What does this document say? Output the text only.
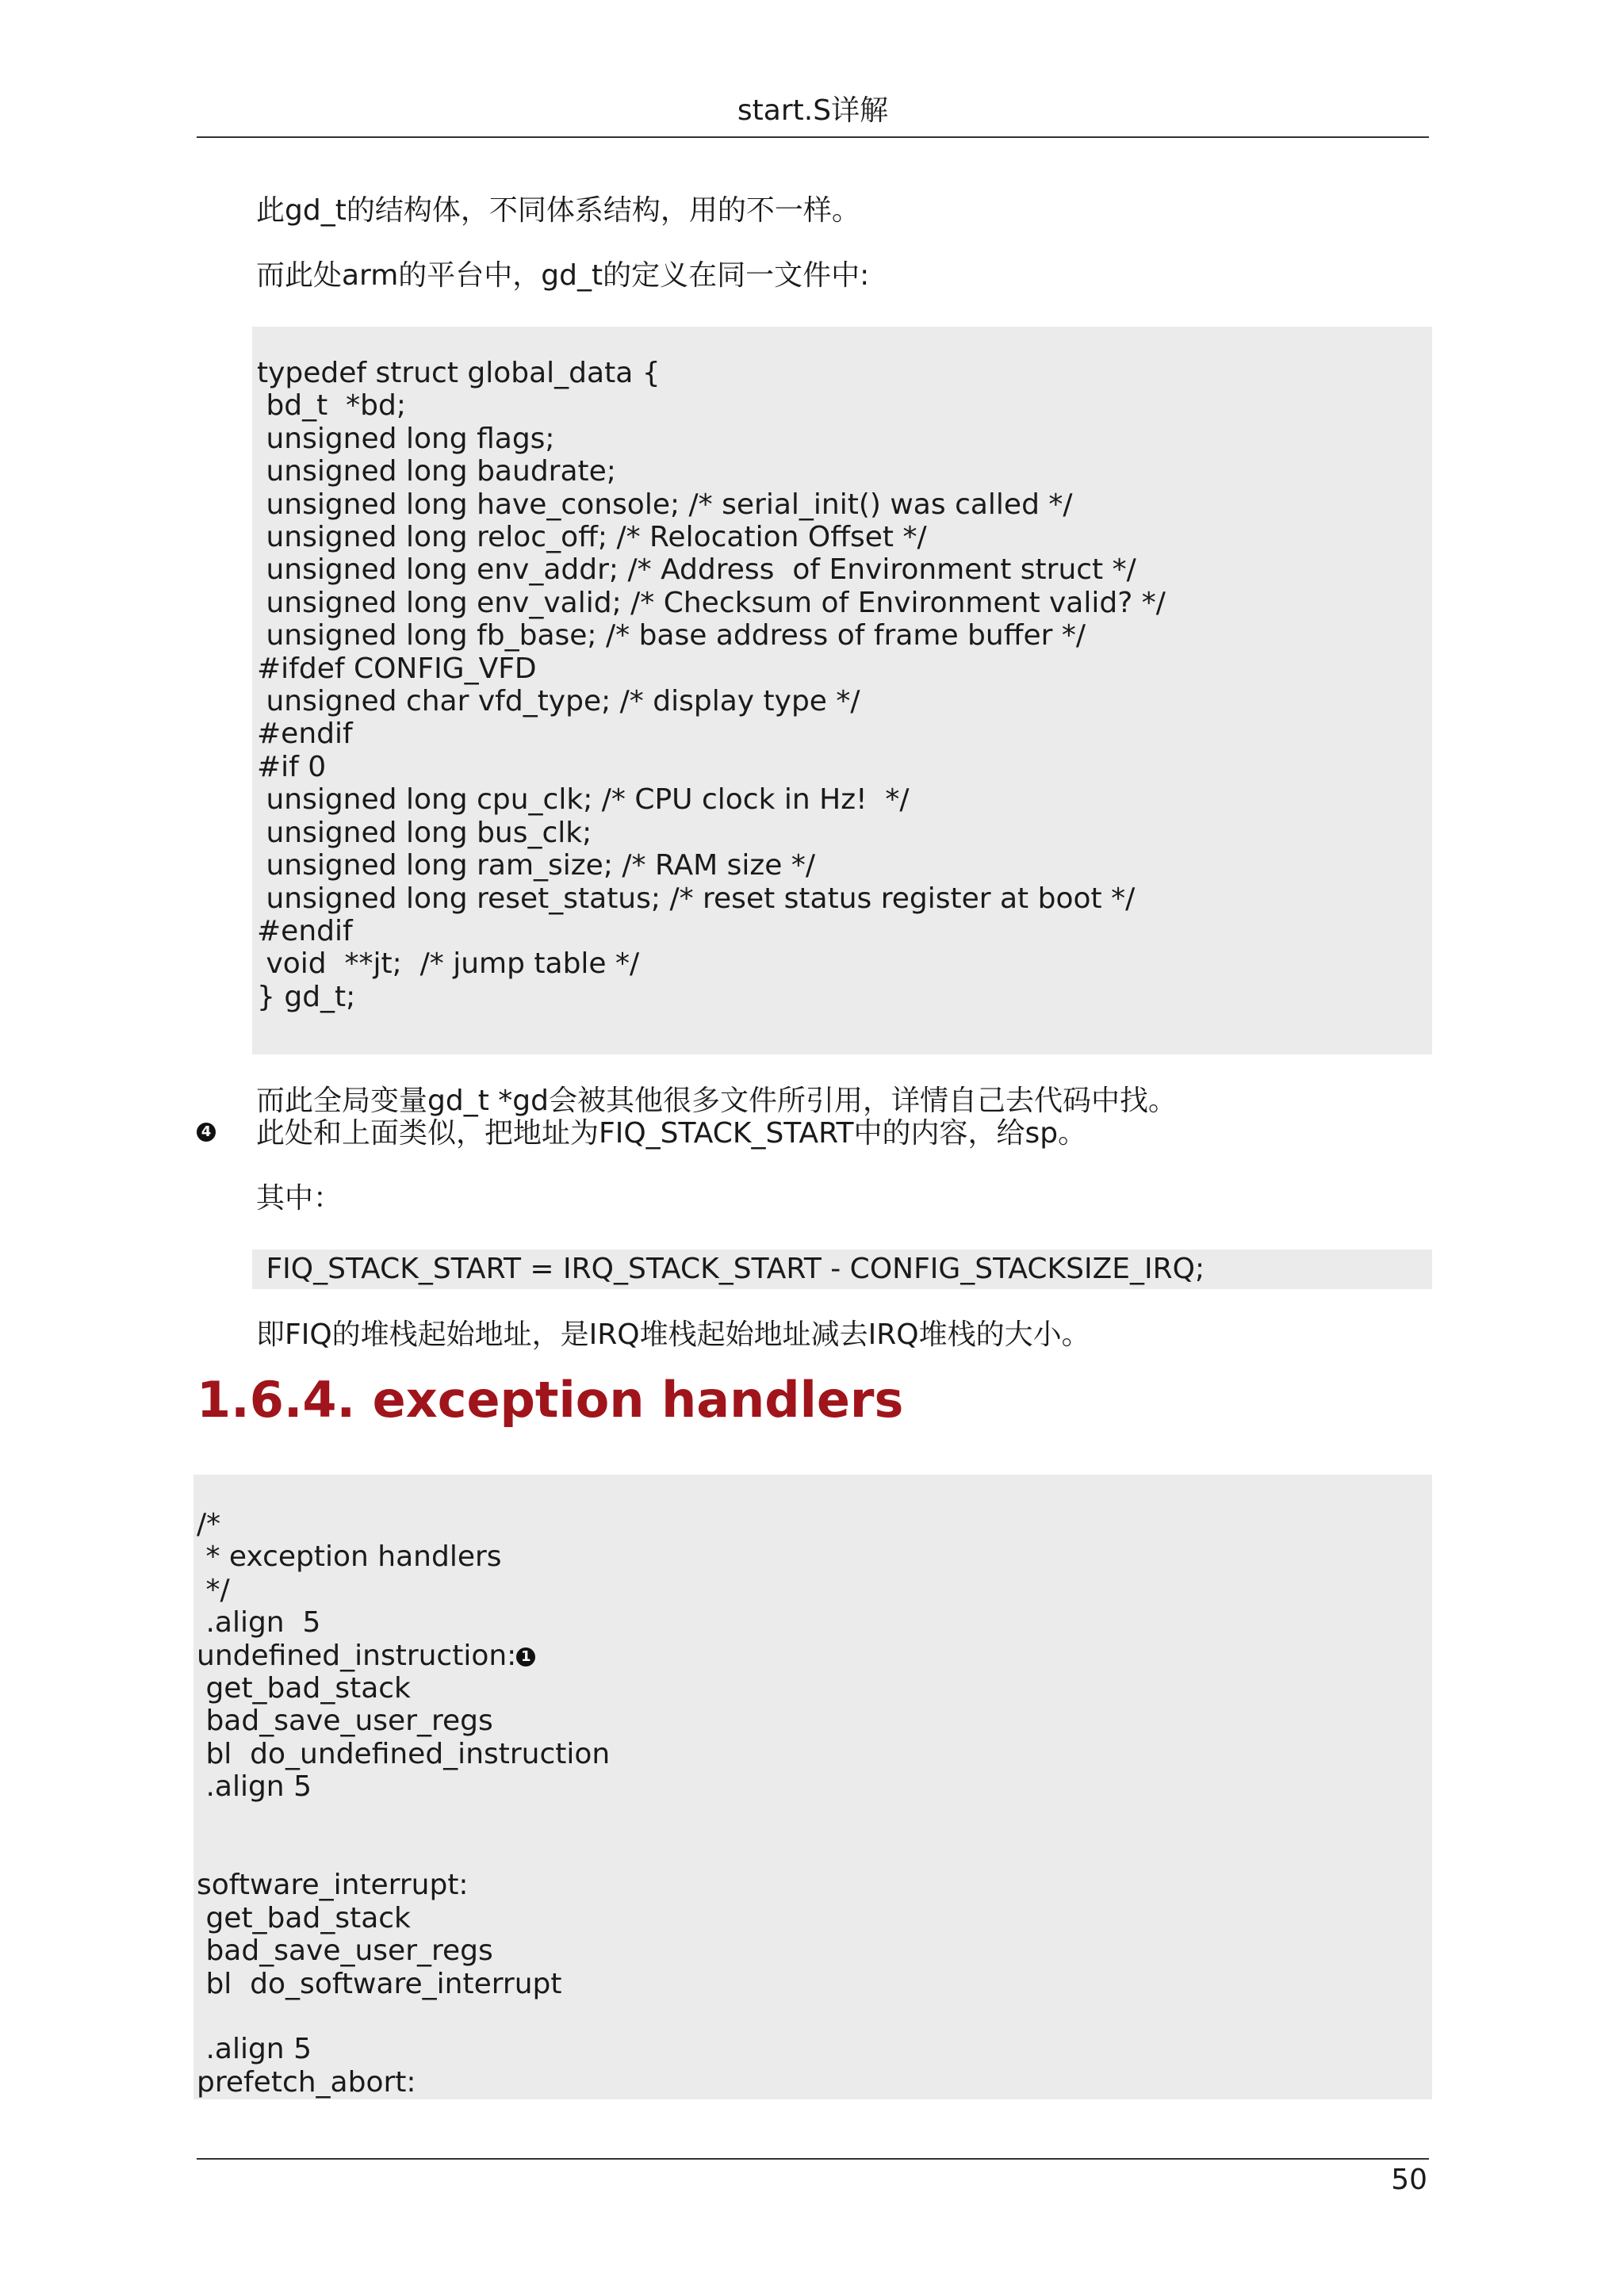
start.S详解
此gd_t的结构体，不同体系结构，用的不一样。
而此处arm的平台中，gd_t的定义在同一文件中:
typedef struct global_data {
bd_t  *bd;
unsigned long flags;
unsigned long baudrate;
unsigned long have_console; /* serial_init() was called */
unsigned long reloc_off; /* Relocation Offset */
unsigned long env_addr; /* Address  of Environment struct */
unsigned long env_valid; /* Checksum of Environment valid? */
unsigned long fb_base; /* base address of frame buffer */
#ifdef CONFIG_VFD
unsigned char vfd_type; /* display type */
#endif
#if 0
unsigned long cpu_clk; /* CPU clock in Hz!  */
unsigned long bus_clk;
unsigned long ram_size; /* RAM size */
unsigned long reset_status; /* reset status register at boot */
#endif
void  **jt;  /* jump table */
} gd_t;
而此全局变量gd_t *gd会被其他很多文件所引用，详情自己去代码中找。
4 此处和上面类似，把地址为FIQ_STACK_START中的内容，给sp。
其中：
FIQ_STACK_START = IRQ_STACK_START - CONFIG_STACKSIZE_IRQ;
即FIQ的堆栈起始地址，是IRQ堆栈起始地址减去IRQ堆栈的大小。
1.6.4. exception handlers
/*
* exception handlers
*/
.align  5
undefined_instruction: 1
get_bad_stack
bad_save_user_regs
bl  do_undefined_instruction
.align 5

software_interrupt:
get_bad_stack
bad_save_user_regs
bl  do_software_interrupt

.align 5
prefetch_abort:
50
